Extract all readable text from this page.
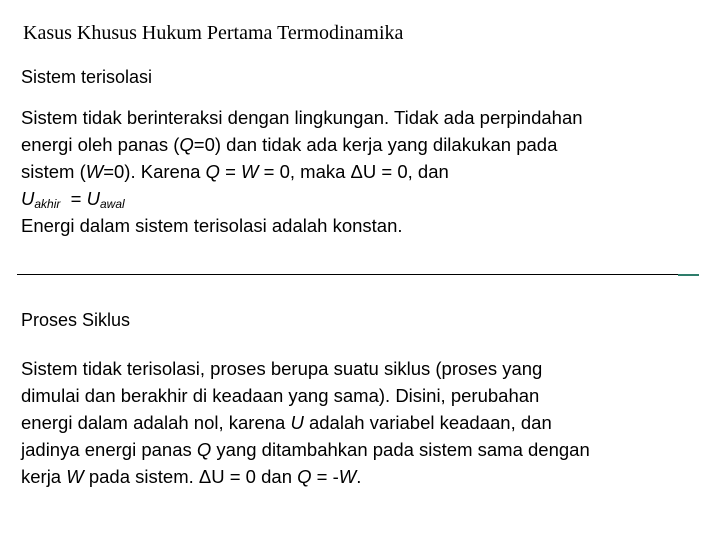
Kasus Khusus Hukum Pertama Termodinamika
Sistem terisolasi
Sistem tidak berinteraksi dengan lingkungan. Tidak ada perpindahan
energi oleh panas (Q=0) dan tidak ada kerja yang dilakukan pada
sistem (W=0). Karena Q = W = 0, maka ΔU = 0, dan
$U_{akhir} = U_{awal}$
Energi dalam sistem terisolasi adalah konstan.
Proses Siklus
Sistem tidak terisolasi, proses berupa suatu siklus (proses yang
dimulai dan berakhir di keadaan yang sama). Disini, perubahan
energi dalam adalah nol, karena U adalah variabel keadaan, dan
jadinya energi panas Q yang ditambahkan pada sistem sama dengan
kerja W pada sistem. ΔU = 0 dan Q = -W.
